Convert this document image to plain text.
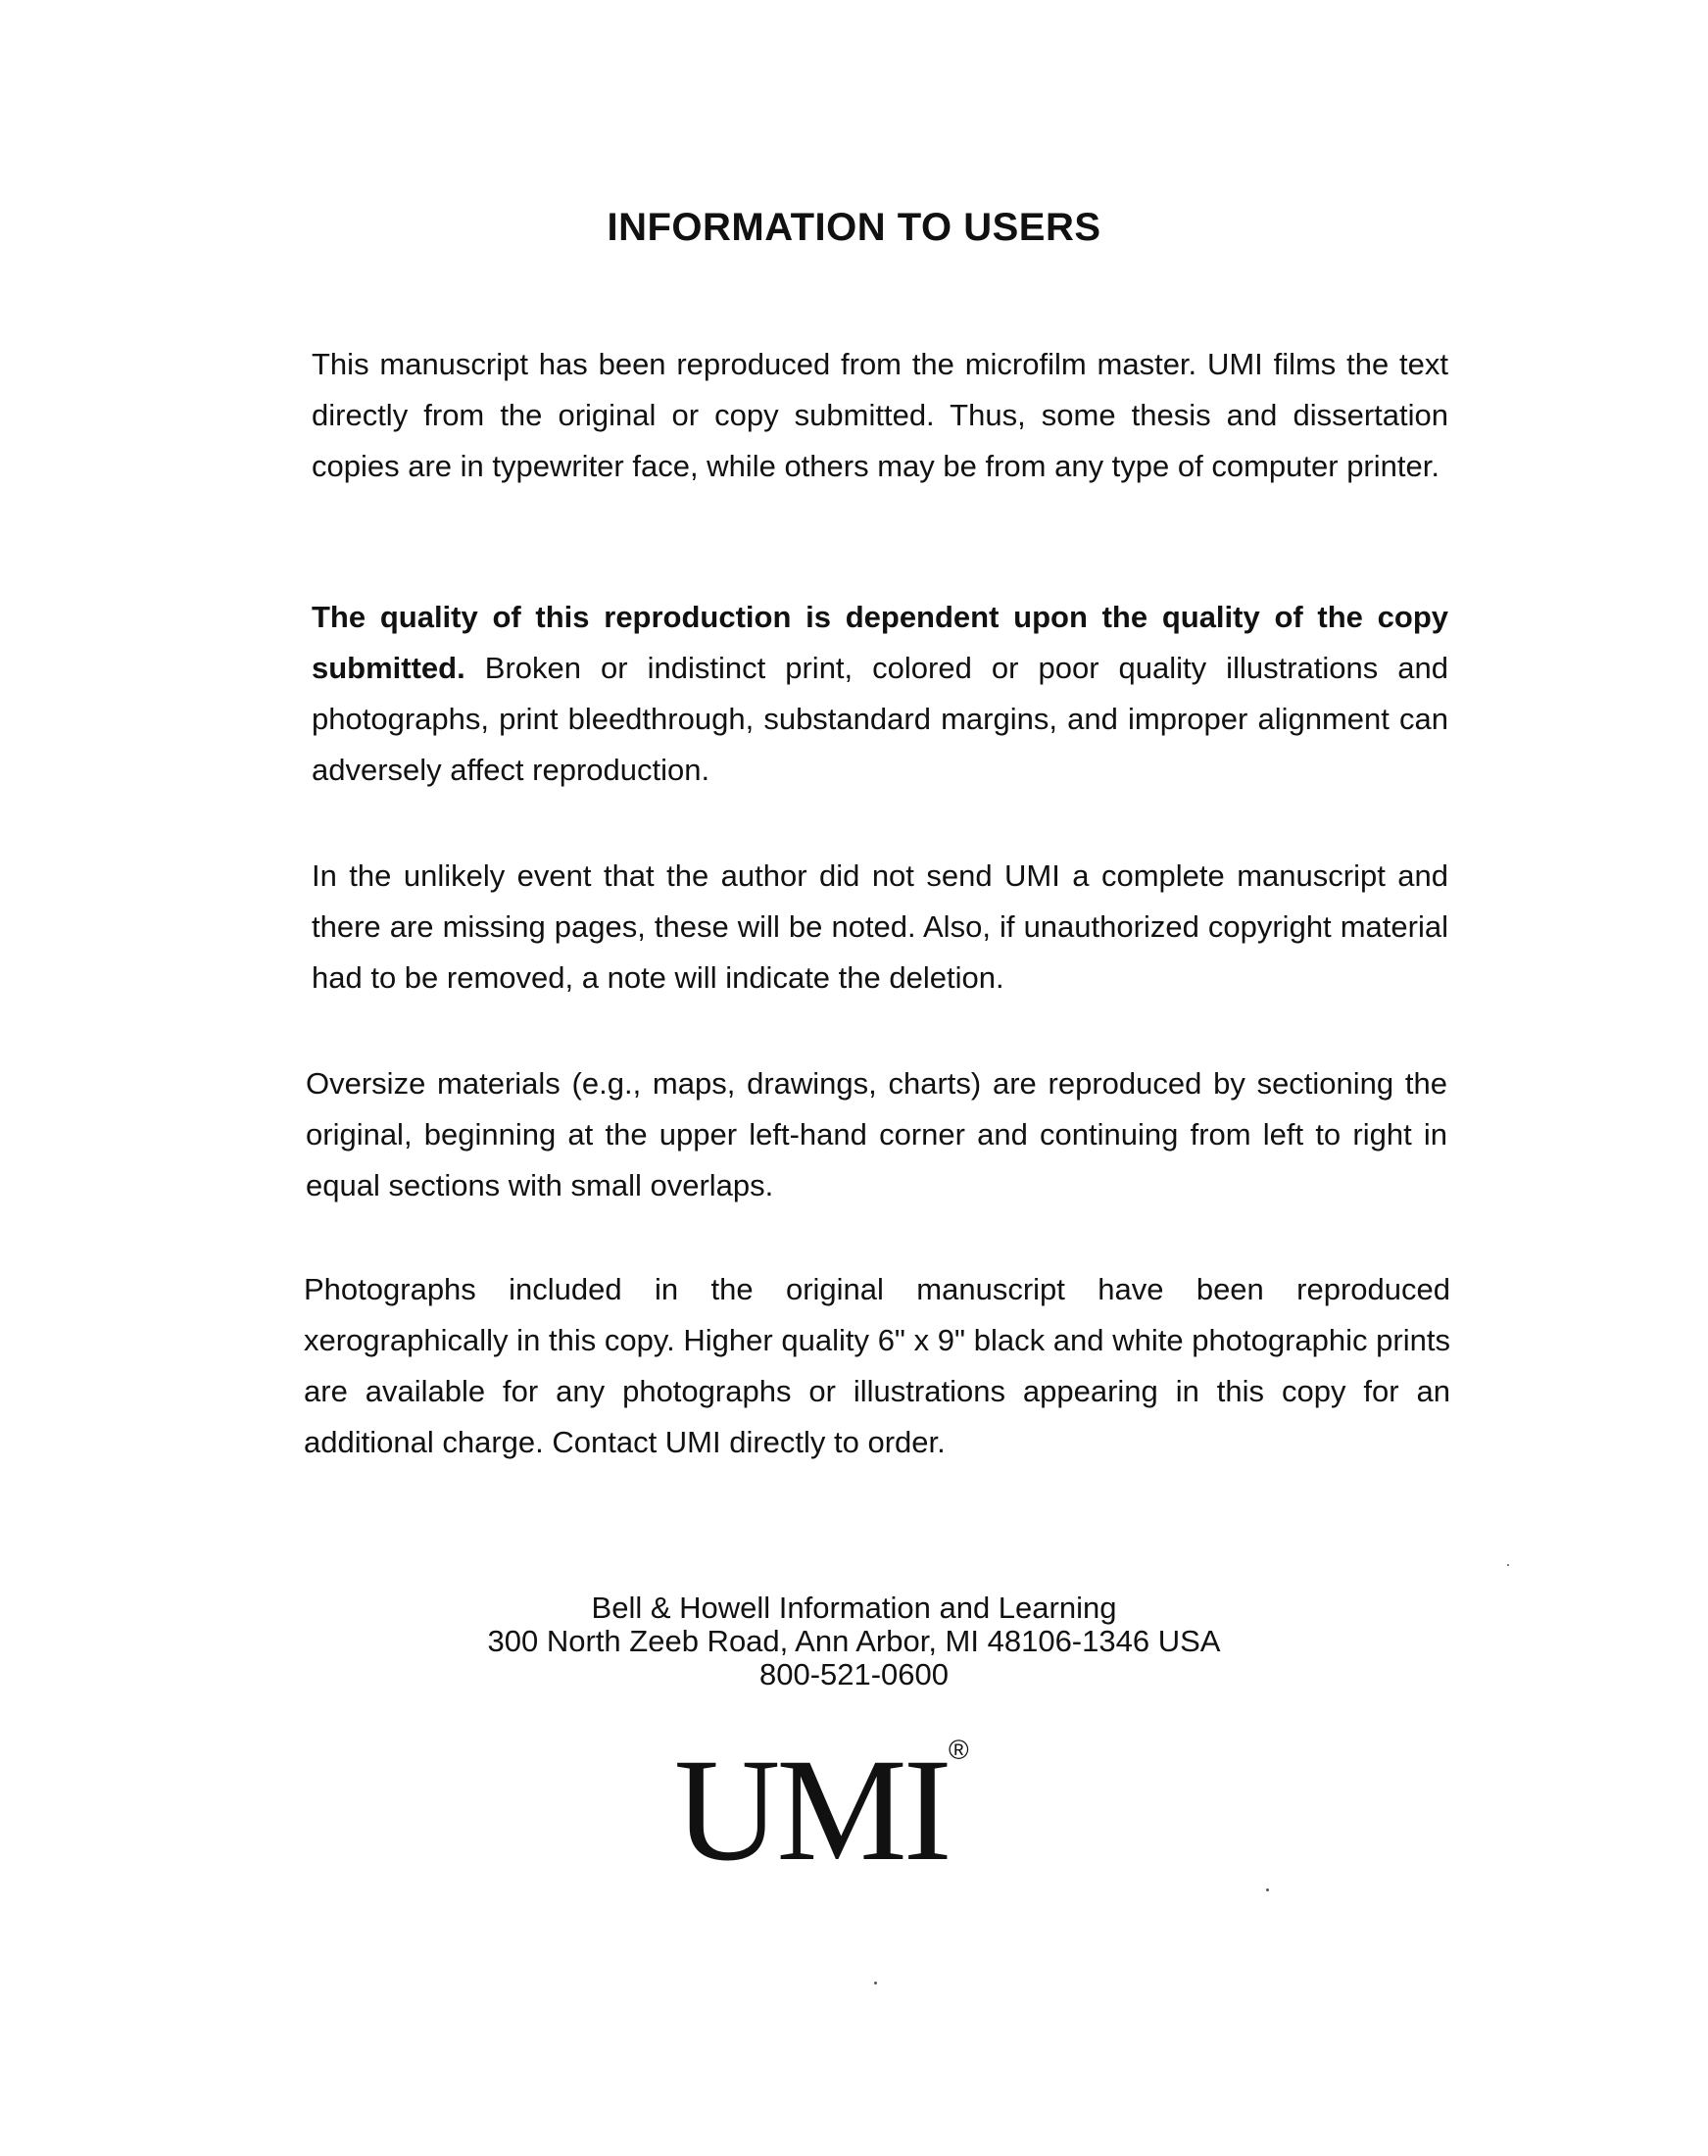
INFORMATION TO USERS

This manuscript has been reproduced from the microfilm master. UMI films the text directly from the original or copy submitted. Thus, some thesis and dissertation copies are in typewriter face, while others may be from any type of computer printer.

The quality of this reproduction is dependent upon the quality of the copy submitted. Broken or indistinct print, colored or poor quality illustrations and photographs, print bleedthrough, substandard margins, and improper alignment can adversely affect reproduction.

In the unlikely event that the author did not send UMI a complete manuscript and there are missing pages, these will be noted. Also, if unauthorized copyright material had to be removed, a note will indicate the deletion.

Oversize materials (e.g., maps, drawings, charts) are reproduced by sectioning the original, beginning at the upper left-hand corner and continuing from left to right in equal sections with small overlaps.

Photographs included in the original manuscript have been reproduced xerographically in this copy. Higher quality 6" x 9" black and white photographic prints are available for any photographs or illustrations appearing in this copy for an additional charge. Contact UMI directly to order.

Bell & Howell Information and Learning
300 North Zeeb Road, Ann Arbor, MI 48106-1346 USA
800-521-0600
UMI ®
